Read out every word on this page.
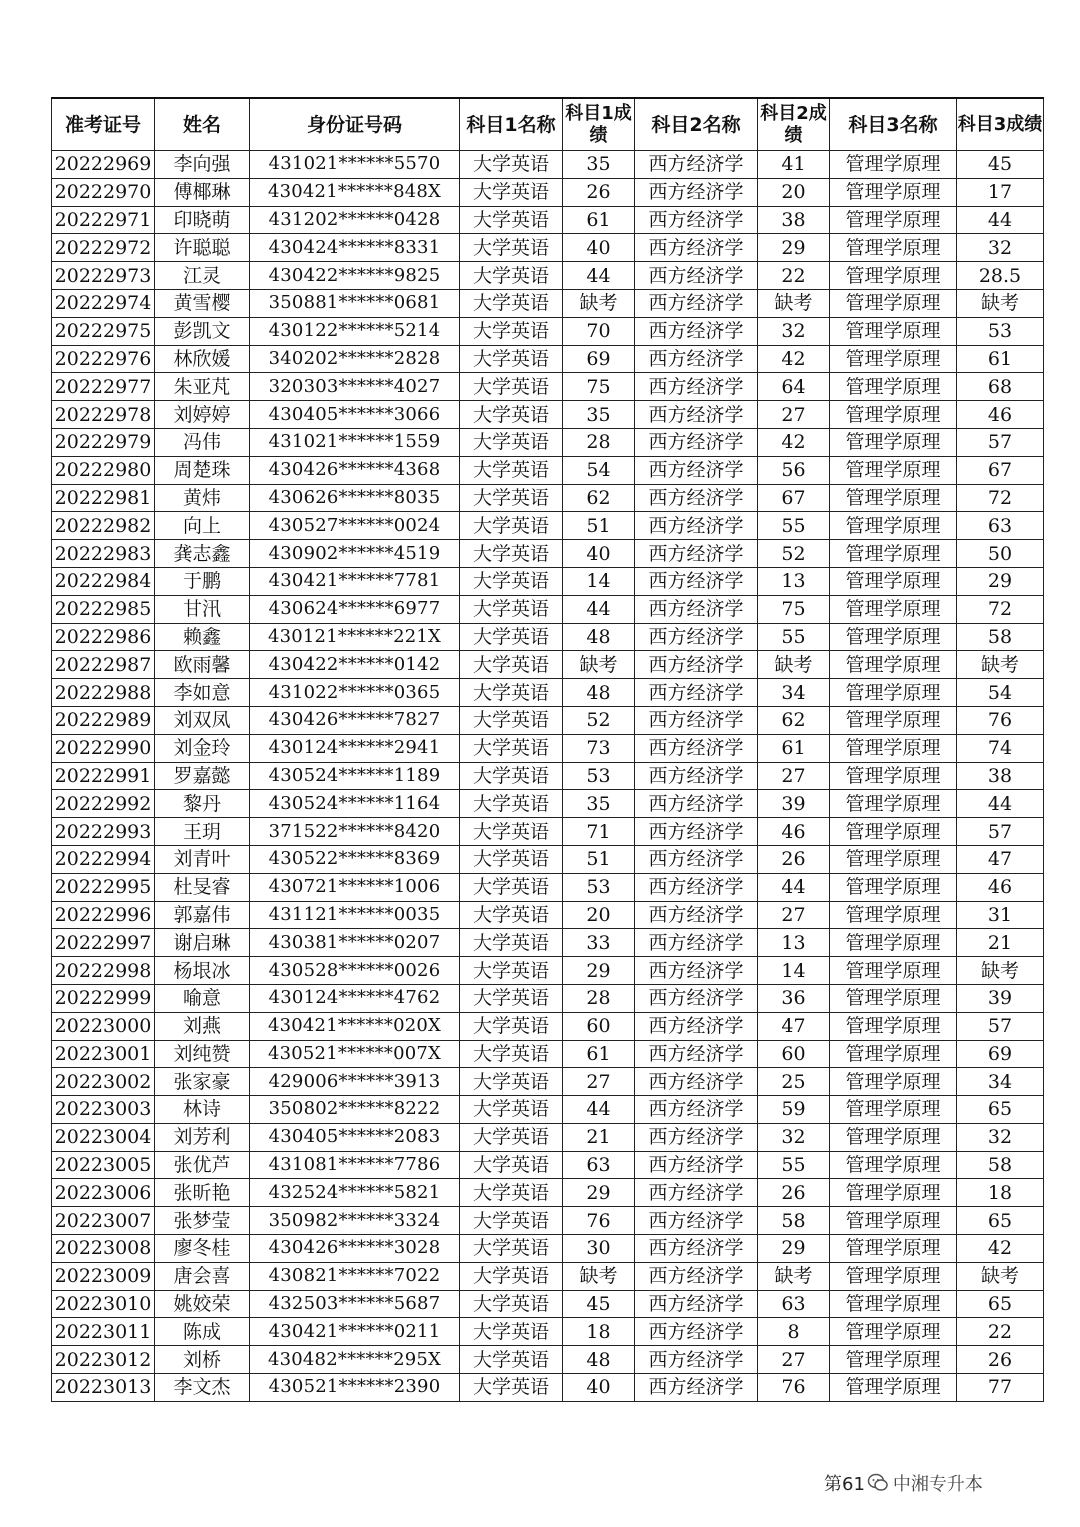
准考证号	姓名	身份证号码	科目1名称	科目1成绩	科目2名称	科目2成绩	科目3名称	科目3成绩
20222969	李向强	431021******5570	大学英语	35	西方经济学	41	管理学原理	45
20222970	傅椰琳	430421******848X	大学英语	26	西方经济学	20	管理学原理	17
20222971	印晓萌	431202******0428	大学英语	61	西方经济学	38	管理学原理	44
20222972	许聪聪	430424******8331	大学英语	40	西方经济学	29	管理学原理	32
20222973	江灵	430422******9825	大学英语	44	西方经济学	22	管理学原理	28.5
20222974	黄雪樱	350881******0681	大学英语	缺考	西方经济学	缺考	管理学原理	缺考
20222975	彭凯文	430122******5214	大学英语	70	西方经济学	32	管理学原理	53
20222976	林欣媛	340202******2828	大学英语	69	西方经济学	42	管理学原理	61
20222977	朱亚芃	320303******4027	大学英语	75	西方经济学	64	管理学原理	68
20222978	刘婷婷	430405******3066	大学英语	35	西方经济学	27	管理学原理	46
20222979	冯伟	431021******1559	大学英语	28	西方经济学	42	管理学原理	57
20222980	周楚珠	430426******4368	大学英语	54	西方经济学	56	管理学原理	67
20222981	黄炜	430626******8035	大学英语	62	西方经济学	67	管理学原理	72
20222982	向上	430527******0024	大学英语	51	西方经济学	55	管理学原理	63
20222983	龚志鑫	430902******4519	大学英语	40	西方经济学	52	管理学原理	50
20222984	于鹏	430421******7781	大学英语	14	西方经济学	13	管理学原理	29
20222985	甘汛	430624******6977	大学英语	44	西方经济学	75	管理学原理	72
20222986	赖鑫	430121******221X	大学英语	48	西方经济学	55	管理学原理	58
20222987	欧雨馨	430422******0142	大学英语	缺考	西方经济学	缺考	管理学原理	缺考
20222988	李如意	431022******0365	大学英语	48	西方经济学	34	管理学原理	54
20222989	刘双凤	430426******7827	大学英语	52	西方经济学	62	管理学原理	76
20222990	刘金玲	430124******2941	大学英语	73	西方经济学	61	管理学原理	74
20222991	罗嘉懿	430524******1189	大学英语	53	西方经济学	27	管理学原理	38
20222992	黎丹	430524******1164	大学英语	35	西方经济学	39	管理学原理	44
20222993	王玥	371522******8420	大学英语	71	西方经济学	46	管理学原理	57
20222994	刘青叶	430522******8369	大学英语	51	西方经济学	26	管理学原理	47
20222995	杜旻睿	430721******1006	大学英语	53	西方经济学	44	管理学原理	46
20222996	郭嘉伟	431121******0035	大学英语	20	西方经济学	27	管理学原理	31
20222997	谢启琳	430381******0207	大学英语	33	西方经济学	13	管理学原理	21
20222998	杨垠冰	430528******0026	大学英语	29	西方经济学	14	管理学原理	缺考
20222999	喻意	430124******4762	大学英语	28	西方经济学	36	管理学原理	39
20223000	刘燕	430421******020X	大学英语	60	西方经济学	47	管理学原理	57
20223001	刘纯赞	430521******007X	大学英语	61	西方经济学	60	管理学原理	69
20223002	张家豪	429006******3913	大学英语	27	西方经济学	25	管理学原理	34
20223003	林诗	350802******8222	大学英语	44	西方经济学	59	管理学原理	65
20223004	刘芳利	430405******2083	大学英语	21	西方经济学	32	管理学原理	32
20223005	张优芦	431081******7786	大学英语	63	西方经济学	55	管理学原理	58
20223006	张昕艳	432524******5821	大学英语	29	西方经济学	26	管理学原理	18
20223007	张梦莹	350982******3324	大学英语	76	西方经济学	58	管理学原理	65
20223008	廖冬桂	430426******3028	大学英语	30	西方经济学	29	管理学原理	42
20223009	唐会喜	430821******7022	大学英语	缺考	西方经济学	缺考	管理学原理	缺考
20223010	姚姣荣	432503******5687	大学英语	45	西方经济学	63	管理学原理	65
20223011	陈成	430421******0211	大学英语	18	西方经济学	8	管理学原理	22
20223012	刘桥	430482******295X	大学英语	48	西方经济学	27	管理学原理	26
20223013	李文杰	430521******2390	大学英语	40	西方经济学	76	管理学原理	77
第61 中湘专升本
